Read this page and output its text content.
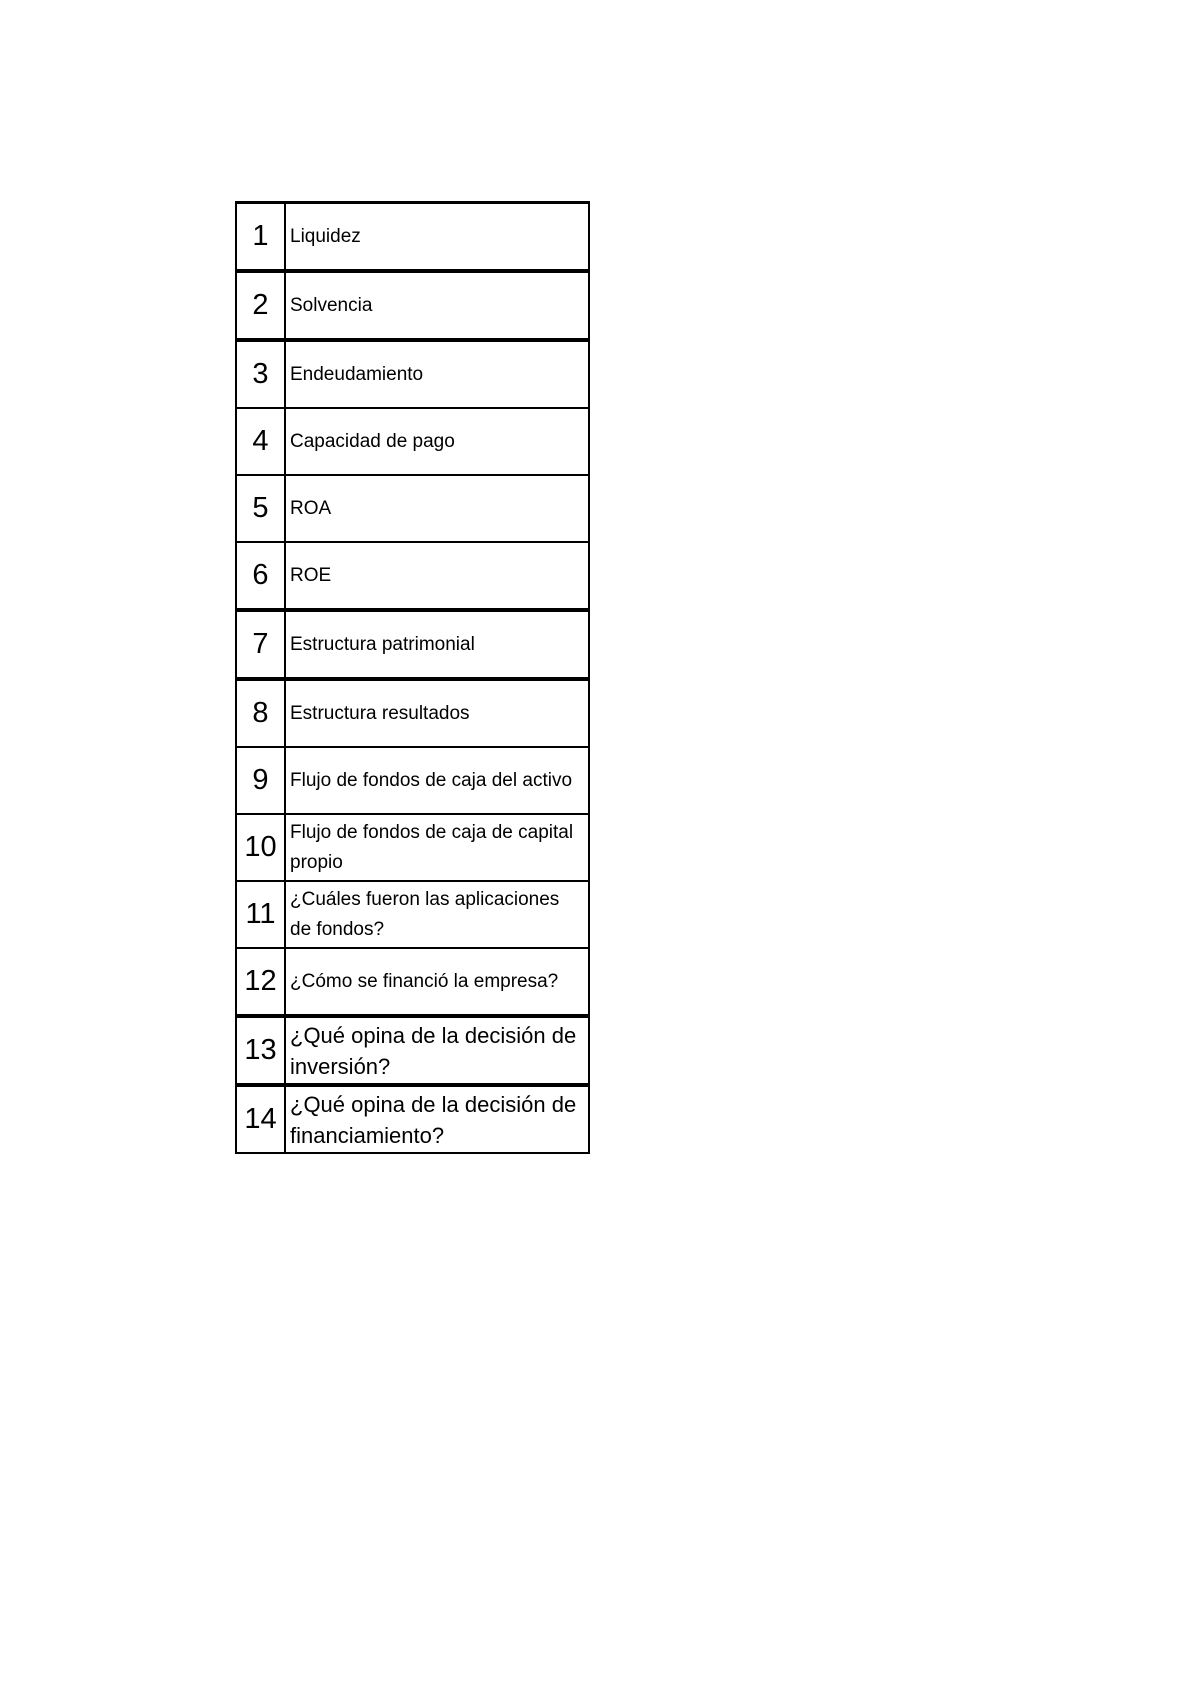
1	Liquidez
2	Solvencia
3	Endeudamiento
4	Capacidad de pago
5	ROA
6	ROE
7	Estructura patrimonial
8	Estructura resultados
9	Flujo de fondos de caja del activo
10	Flujo de fondos de caja de capital propio
11	¿Cuáles fueron las aplicaciones de fondos?
12	¿Cómo se financió la empresa?
13	¿Qué opina de la decisión de inversión?
14	¿Qué opina de la decisión de financiamiento?
